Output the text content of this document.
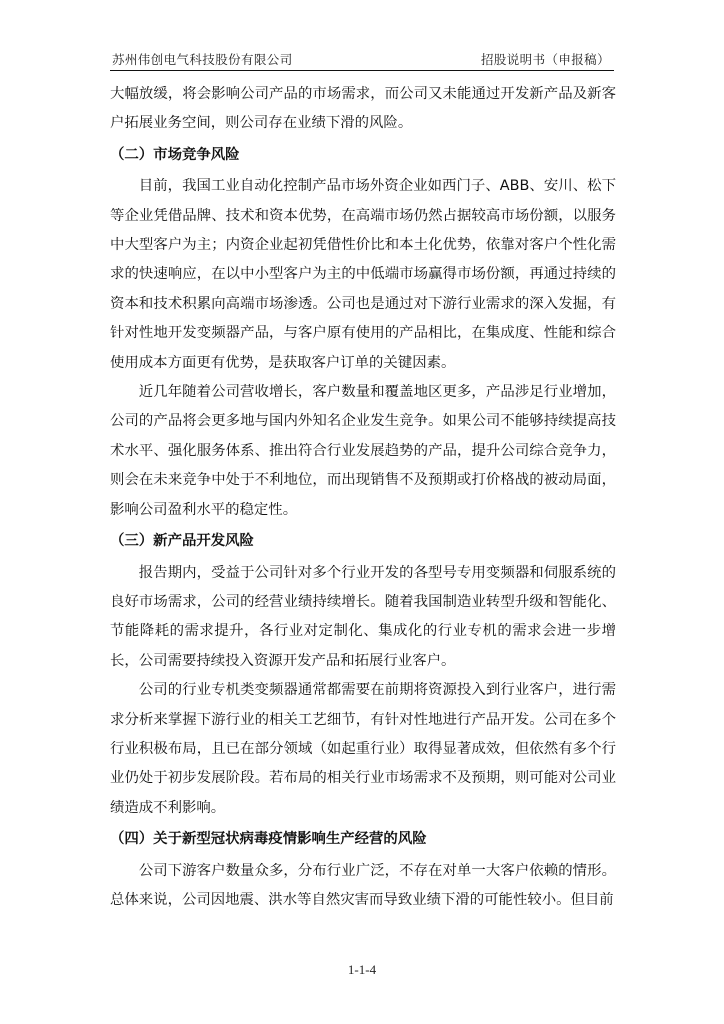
苏州伟创电气科技股份有限公司	招股说明书（申报稿）

大幅放缓，将会影响公司产品的市场需求，而公司又未能通过开发新产品及新客户拓展业务空间，则公司存在业绩下滑的风险。

（二）市场竞争风险

目前，我国工业自动化控制产品市场外资企业如西门子、ABB、安川、松下等企业凭借品牌、技术和资本优势，在高端市场仍然占据较高市场份额，以服务中大型客户为主；内资企业起初凭借性价比和本土化优势，依靠对客户个性化需求的快速响应，在以中小型客户为主的中低端市场赢得市场份额，再通过持续的资本和技术积累向高端市场渗透。公司也是通过对下游行业需求的深入发掘，有针对性地开发变频器产品，与客户原有使用的产品相比，在集成度、性能和综合使用成本方面更有优势，是获取客户订单的关键因素。

近几年随着公司营收增长，客户数量和覆盖地区更多，产品涉足行业增加，公司的产品将会更多地与国内外知名企业发生竞争。如果公司不能够持续提高技术水平、强化服务体系、推出符合行业发展趋势的产品，提升公司综合竞争力，则会在未来竞争中处于不利地位，而出现销售不及预期或打价格战的被动局面，影响公司盈利水平的稳定性。

（三）新产品开发风险

报告期内，受益于公司针对多个行业开发的各型号专用变频器和伺服系统的良好市场需求，公司的经营业绩持续增长。随着我国制造业转型升级和智能化、节能降耗的需求提升，各行业对定制化、集成化的行业专机的需求会进一步增长，公司需要持续投入资源开发产品和拓展行业客户。

公司的行业专机类变频器通常都需要在前期将资源投入到行业客户，进行需求分析来掌握下游行业的相关工艺细节，有针对性地进行产品开发。公司在多个行业积极布局，且已在部分领域（如起重行业）取得显著成效，但依然有多个行业仍处于初步发展阶段。若布局的相关行业市场需求不及预期，则可能对公司业绩造成不利影响。

（四）关于新型冠状病毒疫情影响生产经营的风险

公司下游客户数量众多，分布行业广泛，不存在对单一大客户依赖的情形。总体来说，公司因地震、洪水等自然灾害而导致业绩下滑的可能性较小。但目前

1-1-4
